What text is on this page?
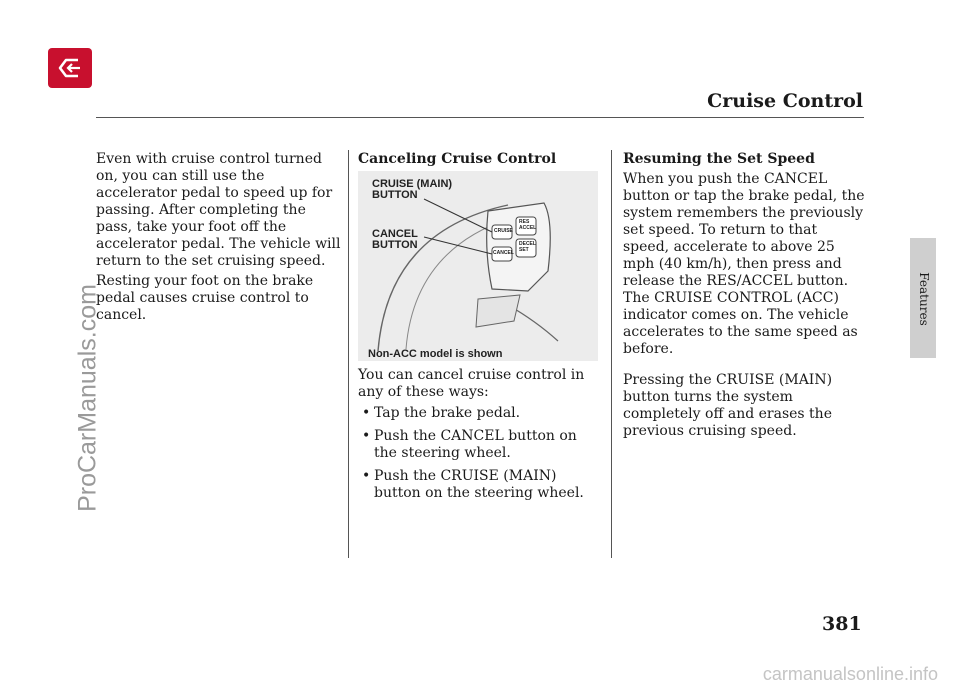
Cruise Control
Features

Even with cruise control turned on, you can still use the accelerator pedal to speed up for passing. After completing the pass, take your foot off the accelerator pedal. The vehicle will return to the set cruising speed.

Resting your foot on the brake pedal causes cruise control to cancel.

Canceling Cruise Control

CRUISE (MAIN)
BUTTON
CANCEL
BUTTON
CRUISE
CANCEL
RES
ACCEL
DECEL
SET
Non-ACC model is shown

You can cancel cruise control in any of these ways:

• Tap the brake pedal.
• Push the CANCEL button on the steering wheel.
• Push the CRUISE (MAIN) button on the steering wheel.

Resuming the Set Speed

When you push the CANCEL button or tap the brake pedal, the system remembers the previously set speed. To return to that speed, accelerate to above 25 mph (40 km/h), then press and release the RES/ACCEL button. The CRUISE CONTROL (ACC) indicator comes on. The vehicle accelerates to the same speed as before.

Pressing the CRUISE (MAIN) button turns the system completely off and erases the previous cruising speed.

381
ProCarManuals.com
carmanualsonline.info
